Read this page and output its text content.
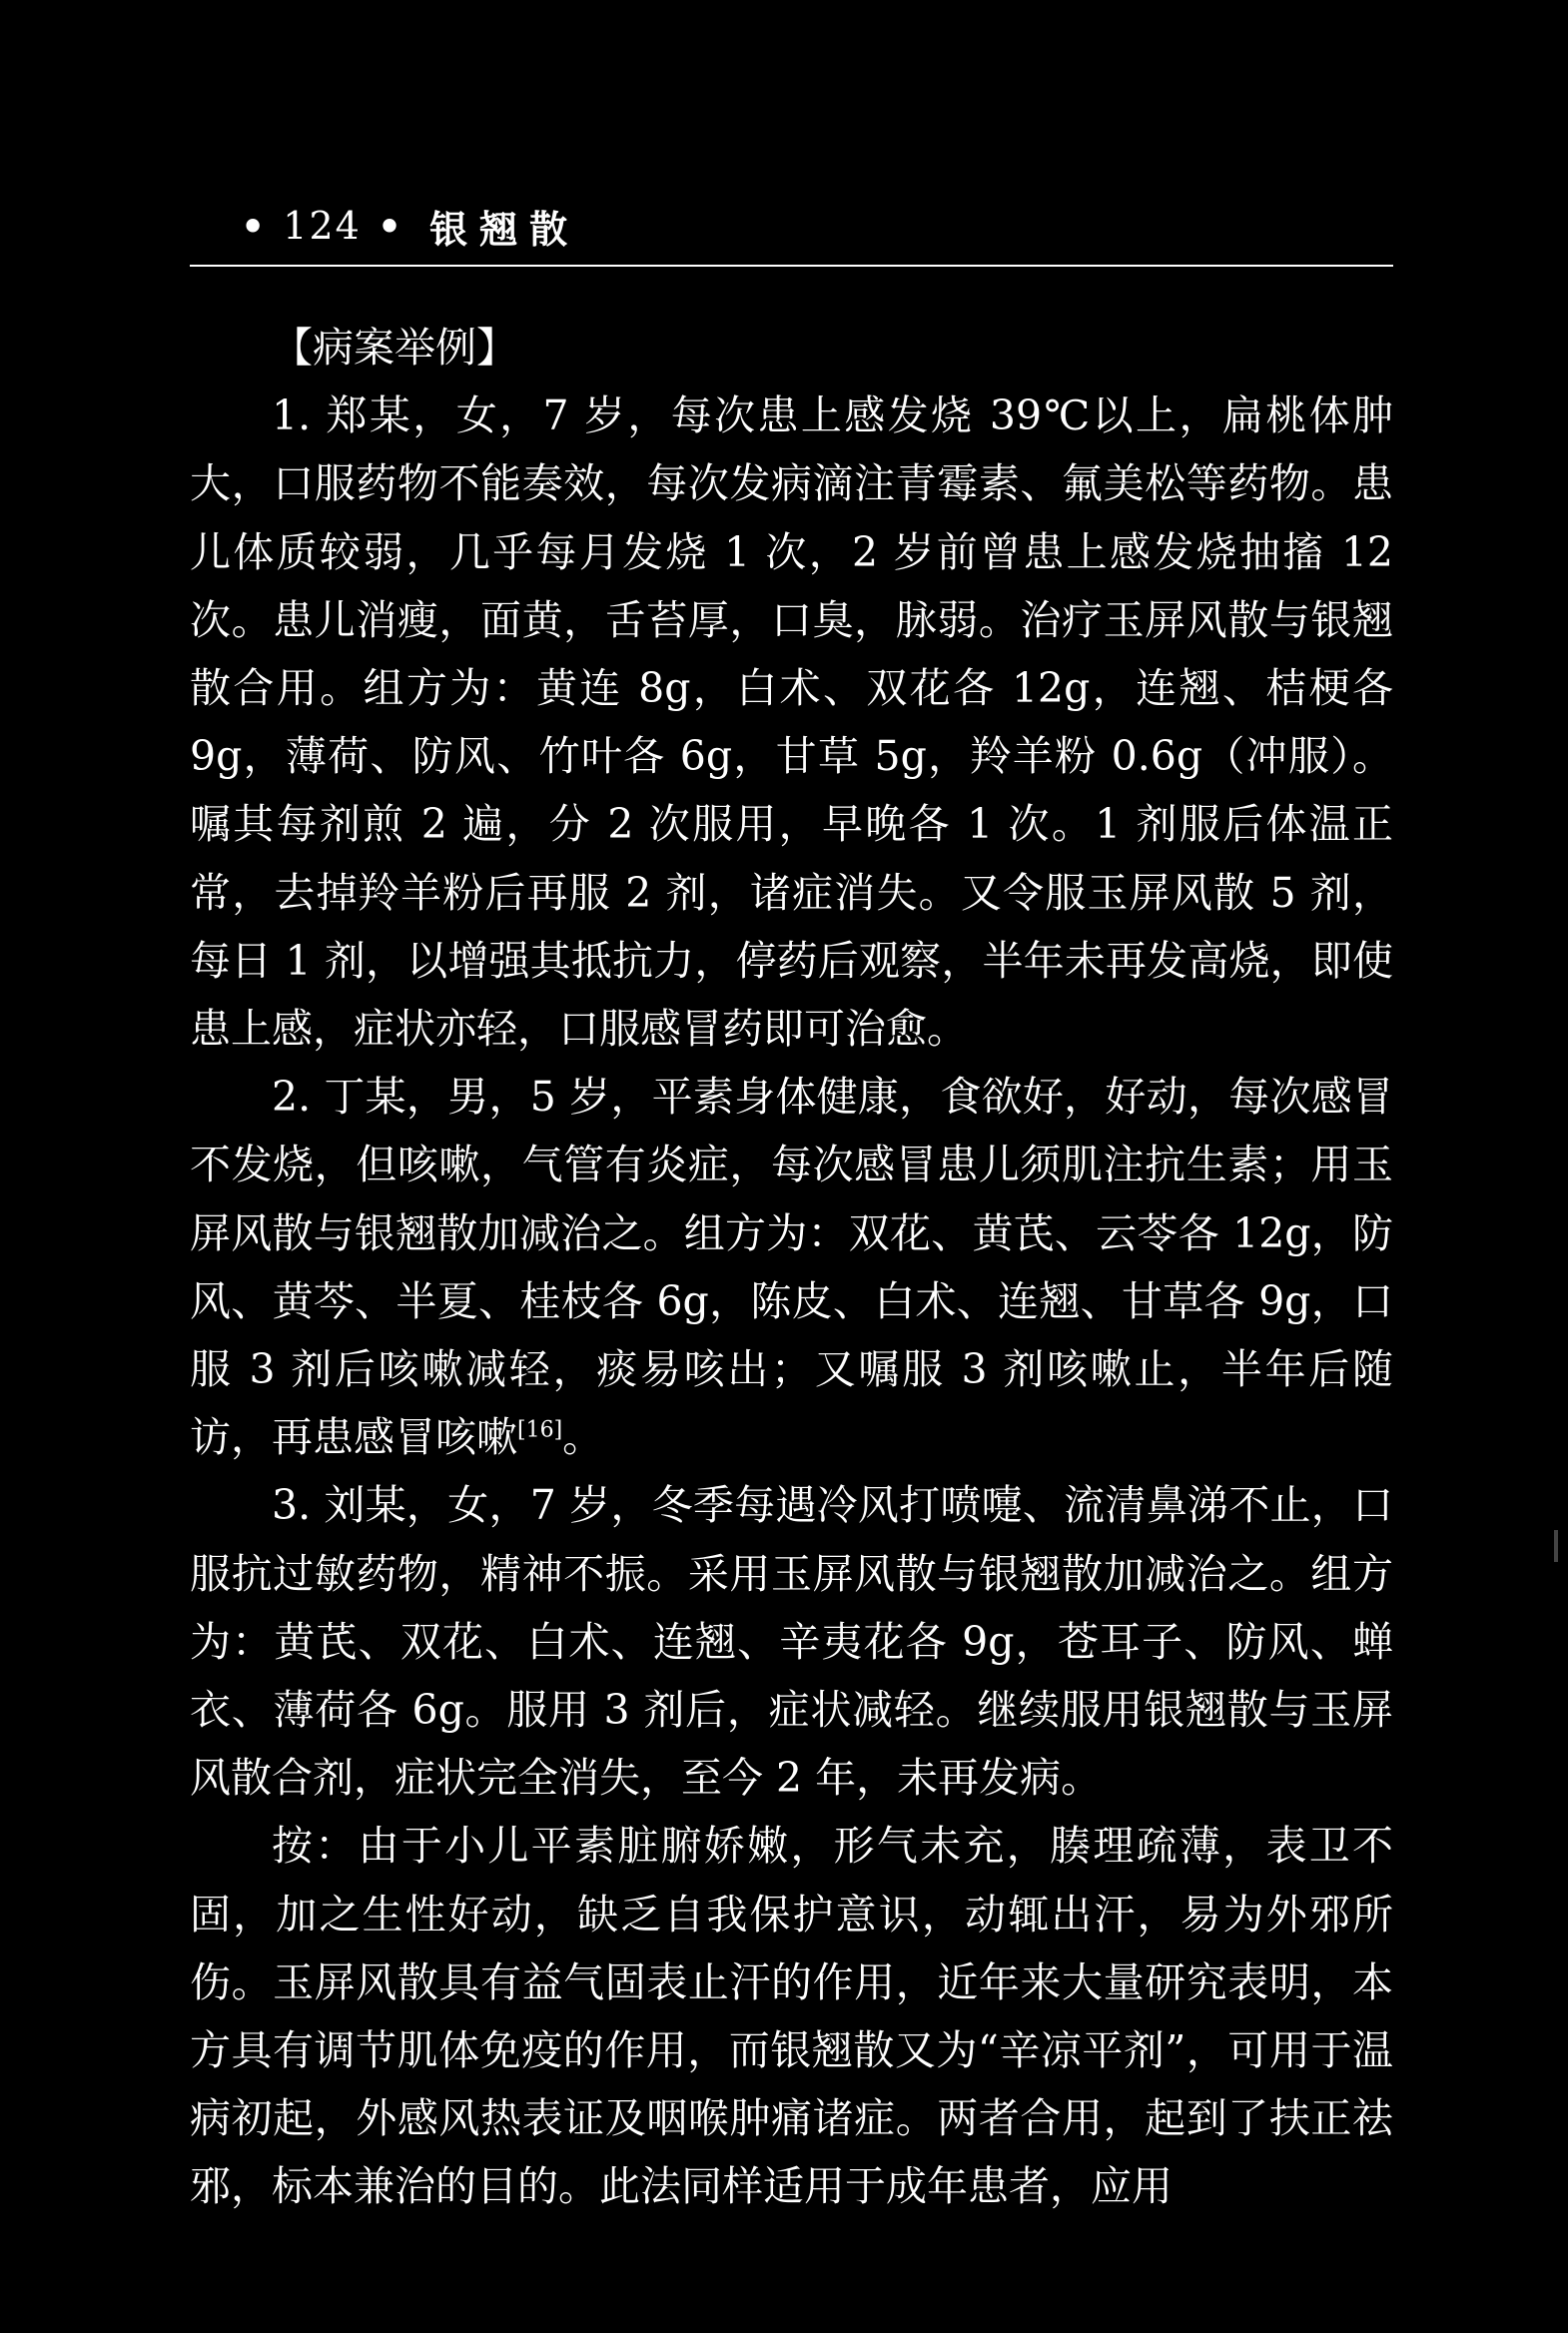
• 124 • 银翘散

【病案举例】

1. 郑某，女，7 岁，每次患上感发烧 39℃以上，扁桃体肿大，口服药物不能奏效，每次发病滴注青霉素、氟美松等药物。患儿体质较弱，几乎每月发烧 1 次，2 岁前曾患上感发烧抽搐 12 次。患儿消瘦，面黄，舌苔厚，口臭，脉弱。治疗玉屏风散与银翘散合用。组方为：黄连 8g，白术、双花各 12g，连翘、桔梗各 9g，薄荷、防风、竹叶各 6g，甘草 5g，羚羊粉 0.6g（冲服）。嘱其每剂煎 2 遍，分 2 次服用，早晚各 1 次。1 剂服后体温正常，去掉羚羊粉后再服 2 剂，诸症消失。又令服玉屏风散 5 剂，每日 1 剂，以增强其抵抗力，停药后观察，半年未再发高烧，即使患上感，症状亦轻，口服感冒药即可治愈。

2. 丁某，男，5 岁，平素身体健康，食欲好，好动，每次感冒不发烧，但咳嗽，气管有炎症，每次感冒患儿须肌注抗生素；用玉屏风散与银翘散加减治之。组方为：双花、黄芪、云苓各 12g，防风、黄芩、半夏、桂枝各 6g，陈皮、白术、连翘、甘草各 9g，口服 3 剂后咳嗽减轻，痰易咳出；又嘱服 3 剂咳嗽止，半年后随访，再患感冒咳嗽[16]。

3. 刘某，女，7 岁，冬季每遇冷风打喷嚏、流清鼻涕不止，口服抗过敏药物，精神不振。采用玉屏风散与银翘散加减治之。组方为：黄芪、双花、白术、连翘、辛夷花各 9g，苍耳子、防风、蝉衣、薄荷各 6g。服用 3 剂后，症状减轻。继续服用银翘散与玉屏风散合剂，症状完全消失，至今 2 年，未再发病。

按：由于小儿平素脏腑娇嫩，形气未充，腠理疏薄，表卫不固，加之生性好动，缺乏自我保护意识，动辄出汗，易为外邪所伤。玉屏风散具有益气固表止汗的作用，近年来大量研究表明，本方具有调节肌体免疫的作用，而银翘散又为“辛凉平剂”，可用于温病初起，外感风热表证及咽喉肿痛诸症。两者合用，起到了扶正祛邪，标本兼治的目的。此法同样适用于成年患者，应用
